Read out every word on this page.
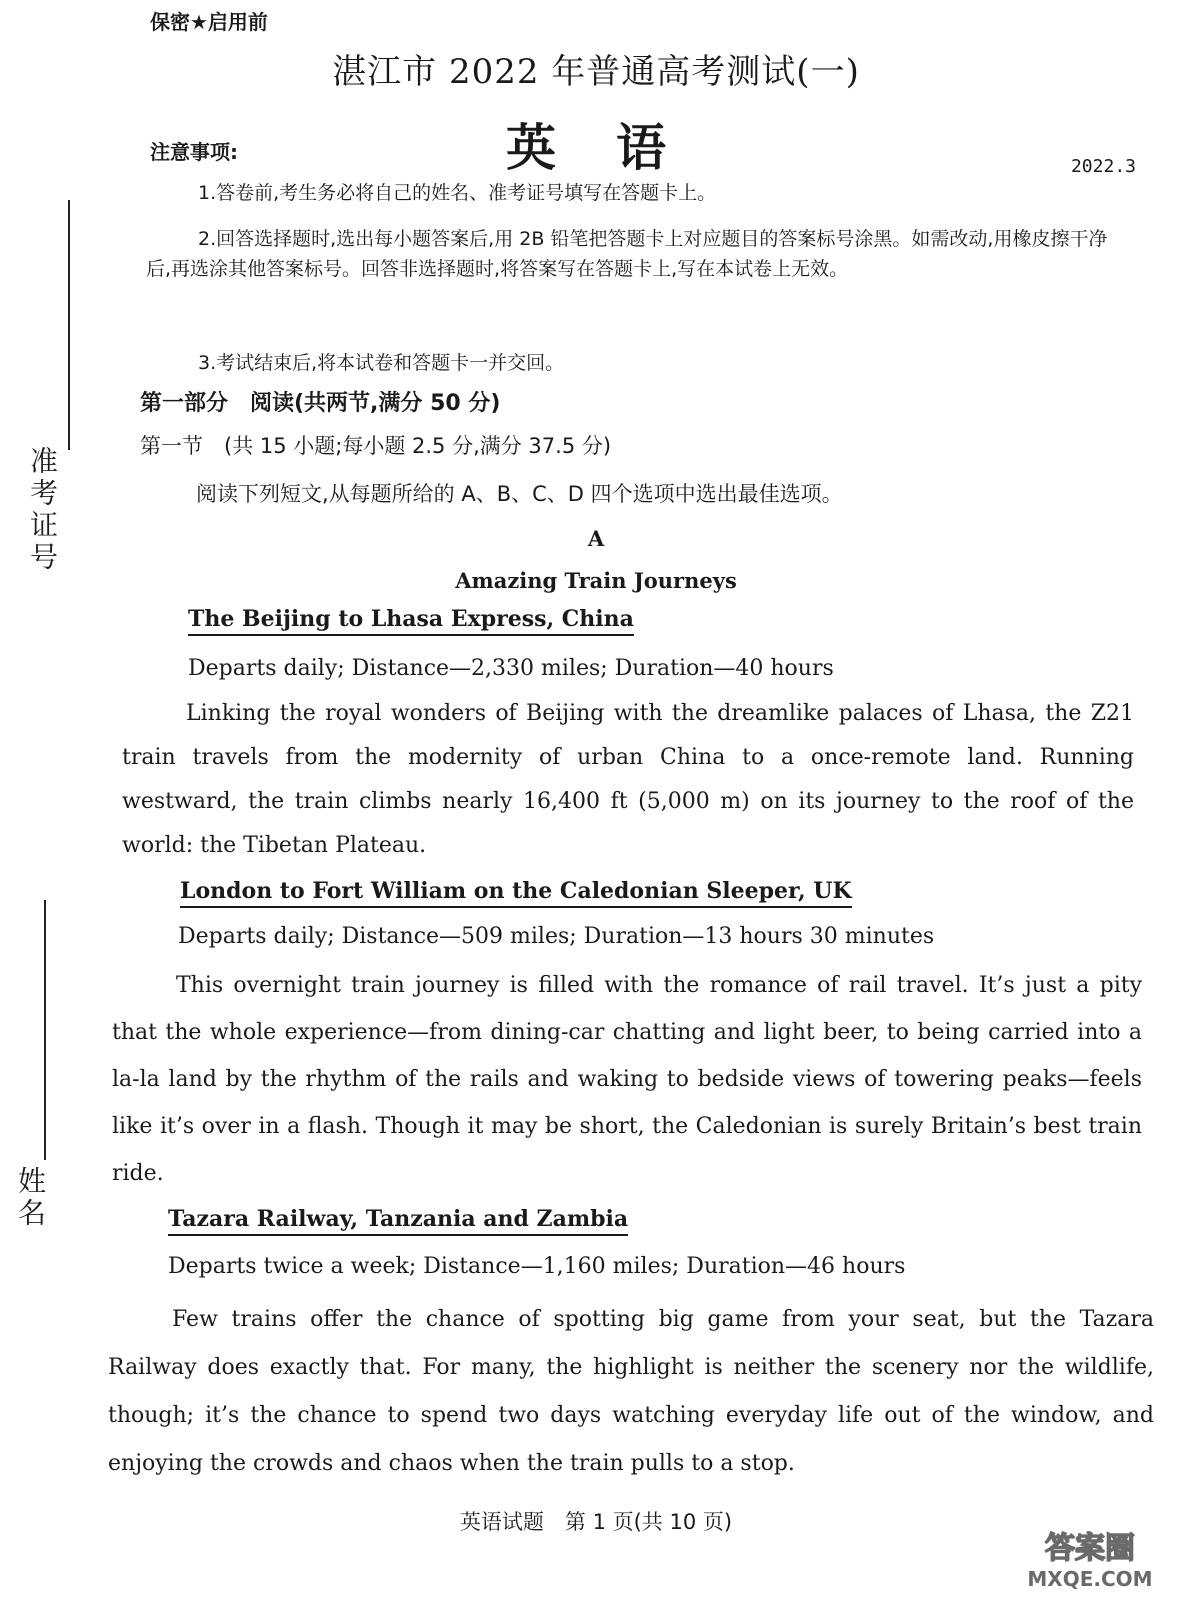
保密★启用前
湛江市 2022 年普通高考测试(一)
注意事项:	英语	2022.3
1.答卷前,考生务必将自己的姓名、准考证号填写在答题卡上。
2.回答选择题时,选出每小题答案后,用 2B 铅笔把答题卡上对应题目的答案标号涂黑。如需改动,用橡皮擦干净后,再选涂其他答案标号。回答非选择题时,将答案写在答题卡上,写在本试卷上无效。
3.考试结束后,将本试卷和答题卡一并交回。
第一部分　阅读(共两节,满分 50 分)
第一节　(共 15 小题;每小题 2.5 分,满分 37.5 分)
阅读下列短文,从每题所给的 A、B、C、D 四个选项中选出最佳选项。
A
Amazing Train Journeys
The Beijing to Lhasa Express, China
Departs daily; Distance—2,330 miles; Duration—40 hours
Linking the royal wonders of Beijing with the dreamlike palaces of Lhasa, the Z21 train travels from the modernity of urban China to a once-remote land. Running westward, the train climbs nearly 16,400 ft (5,000 m) on its journey to the roof of the world: the Tibetan Plateau.
London to Fort William on the Caledonian Sleeper, UK
Departs daily; Distance—509 miles; Duration—13 hours 30 minutes
This overnight train journey is filled with the romance of rail travel. It’s just a pity that the whole experience—from dining-car chatting and light beer, to being carried into a la-la land by the rhythm of the rails and waking to bedside views of towering peaks—feels like it’s over in a flash. Though it may be short, the Caledonian is surely Britain’s best train ride.
Tazara Railway, Tanzania and Zambia
Departs twice a week; Distance—1,160 miles; Duration—46 hours
Few trains offer the chance of spotting big game from your seat, but the Tazara Railway does exactly that. For many, the highlight is neither the scenery nor the wildlife, though; it’s the chance to spend two days watching everyday life out of the window, and enjoying the crowds and chaos when the train pulls to a stop.
准考证号
姓名
英语试题　第 1 页(共 10 页)
答案圈
MXQE.COM
